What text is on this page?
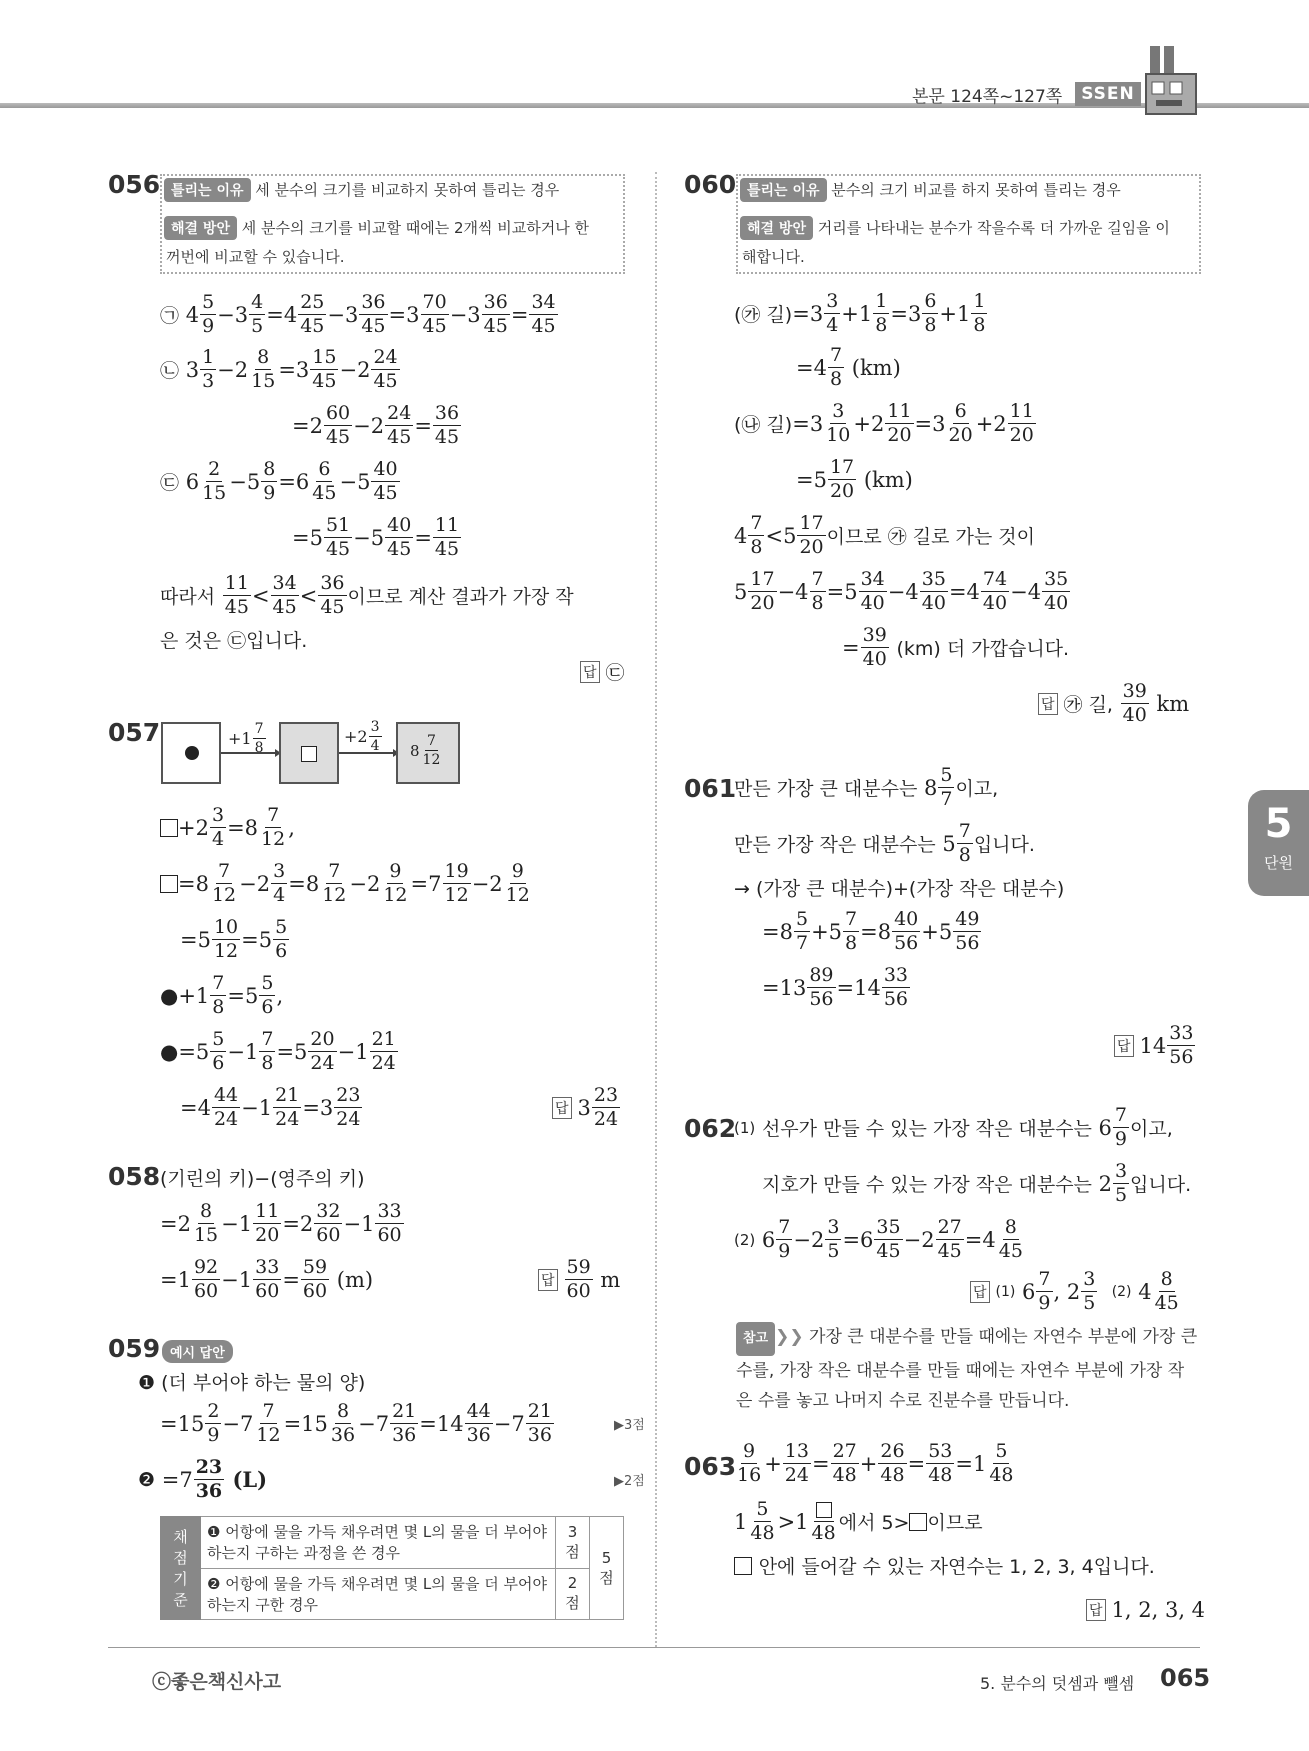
본문 124쪽~127쪽	SSEN
5
단원
056 틀리는 이유 세 분수의 크기를 비교하지 못하여 틀리는 경우
해결 방안 세 분수의 크기를 비교할 때에는 2개씩 비교하거나 한
꺼번에 비교할 수 있습니다.
㉠ 4
5
9 −3
4
5 =4
25
45 −3
36
45 =3
70
45 −3
36
45 =
34
45
㉡ 3
1
3 −2
8
15 =3
15
45 −2
24
45
=2
60
45 −2
24
45 =
36
45
㉢ 6
2
15 −5
8
9 =6
6
45 −5
40
45
=5
51
45 −5
40
45 =
11
45
따라서

11
45 <
34
45 <
36
45 이므로 계산 결과가 가장 작
은 것은 ㉢입니다.
답 ㉢
057	+1 7
8
+2 3
4 8
7
12
+2
3
4 =8
7
12 ,
=8
7
12 −2
3
4 =8
7
12 −2
9
12 =7
19
12 −2
9
12
=5
10
12 =5
5
6
●+1
7
8 =5
5
6 ,
●=5
5
6 −1
7
8 =5
20
24 −1
21
24
=4
44
24 −1
21
24 =3
23
24	답 3
23
24
058 (기린의 키)−(영주의 키)
=2
8
15 −1
11
20 =2
32
60 −1
33
60
=1
92
60 −1
33
60 =
59
60
(m)	답
59
60
m
059 예시 답안
❶ (더 부어야 하는 물의 양)
=15
2
9 −7
7
12 =15
8
36 −7
21
36 =14
44
36 −7
21
36	▶3점
❷ =7
23
36 (L)	▶2점
채점 기준	❶ 어항에 물을 가득 채우려면 몇 L의 물을 더 부어야 하는지 구하는 과정을 쓴 경우	3점	5점
	❷ 어항에 물을 가득 채우려면 몇 L의 물을 더 부어야 하는지 구한 경우	2점	
060 틀리는 이유 분수의 크기 비교를 하지 못하여 틀리는 경우
해결 방안 거리를 나타내는 분수가 작을수록 더 가까운 길임을 이
해합니다.
(㉮ 길) =3
3
4 +1
1
8 =3
6
8 +1
1
8
=4
7
8
(km)
(㉯ 길) =3
3
10 +2
11
20 =3
6
20 +2
11
20
=5
17
20
(km)
4
7
8 <5
17
20 이므로 ㉮ 길로 가는 것이
5
17
20 −4
7
8 =5
34
40 −4
35
40 =4
74
40 −4
35
40
=
39
40
(km) 더 가깝습니다.
답 ㉮ 길,

39
40
km
061
만든 가장 큰 대분수는 8
5
7 이고,
만든 가장 작은 대분수는 5
7
8 입니다.
→ (가장 큰 대분수)+(가장 작은 대분수)
=8
5
7 +5
7
8 =8
40
56 +5
49
56
=13
89
56 =14
33
56
답 14
33
56
062
(1)
선우가 만들 수 있는 가장 작은 대분수는 6
7
9 이고,
지호가 만들 수 있는 가장 작은 대분수는 2
3
5 입니다.
(2) 6
7
9 −2
3
5 =6
35
45 −2
27
45 =4
8
45
답 (1) 6
7
9 , 2
3
5

(2) 4
8
45
참고 ❯❯ 가장 큰 대분수를 만들 때에는 자연수 부분에 가장 큰
수를, 가장 작은 대분수를 만들 때에는 자연수 부분에 가장 작
은 수를 놓고 나머지 수로 진분수를 만듭니다.
063
9
16 +
13
24 =
27
48 +
26
48 =
53
48 =1
5
48
1
5
48 >1 48 에서 5> 이므로

안에 들어갈 수 있는 자연수는 1, 2, 3, 4입니다.
답 1, 2, 3, 4
ⓒ좋은책신사고	5. 분수의 덧셈과 뺄셈 065
